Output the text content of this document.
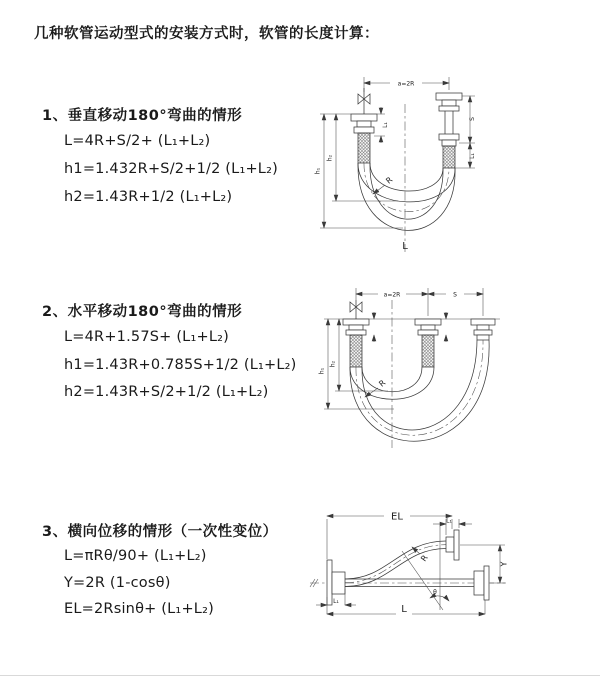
几种软管运动型式的安装方式时，软管的长度计算：
1、垂直移动180°弯曲的情形
L=4R+S/2+ (L₁+L₂)
h1=1.432R+S/2+1/2 (L₁+L₂)
h2=1.43R+1/2 (L₁+L₂)
2、水平移动180°弯曲的情形
L=4R+1.57S+ (L₁+L₂)
h1=1.43R+0.785S+1/2 (L₁+L₂)
h2=1.43R+S/2+1/2 (L₁+L₂)
3、横向位移的情形（一次性变位）
L=πRθ/90+ (L₁+L₂)
Y=2R (1-cosθ)
EL=2Rsinθ+ (L₁+L₂)
a=2R
L₁
S
L₁
h₁
h₂
R
L
a=2R	S
h₁
h₂
R
EL	L₁
Y
R
θ
L
L₁
